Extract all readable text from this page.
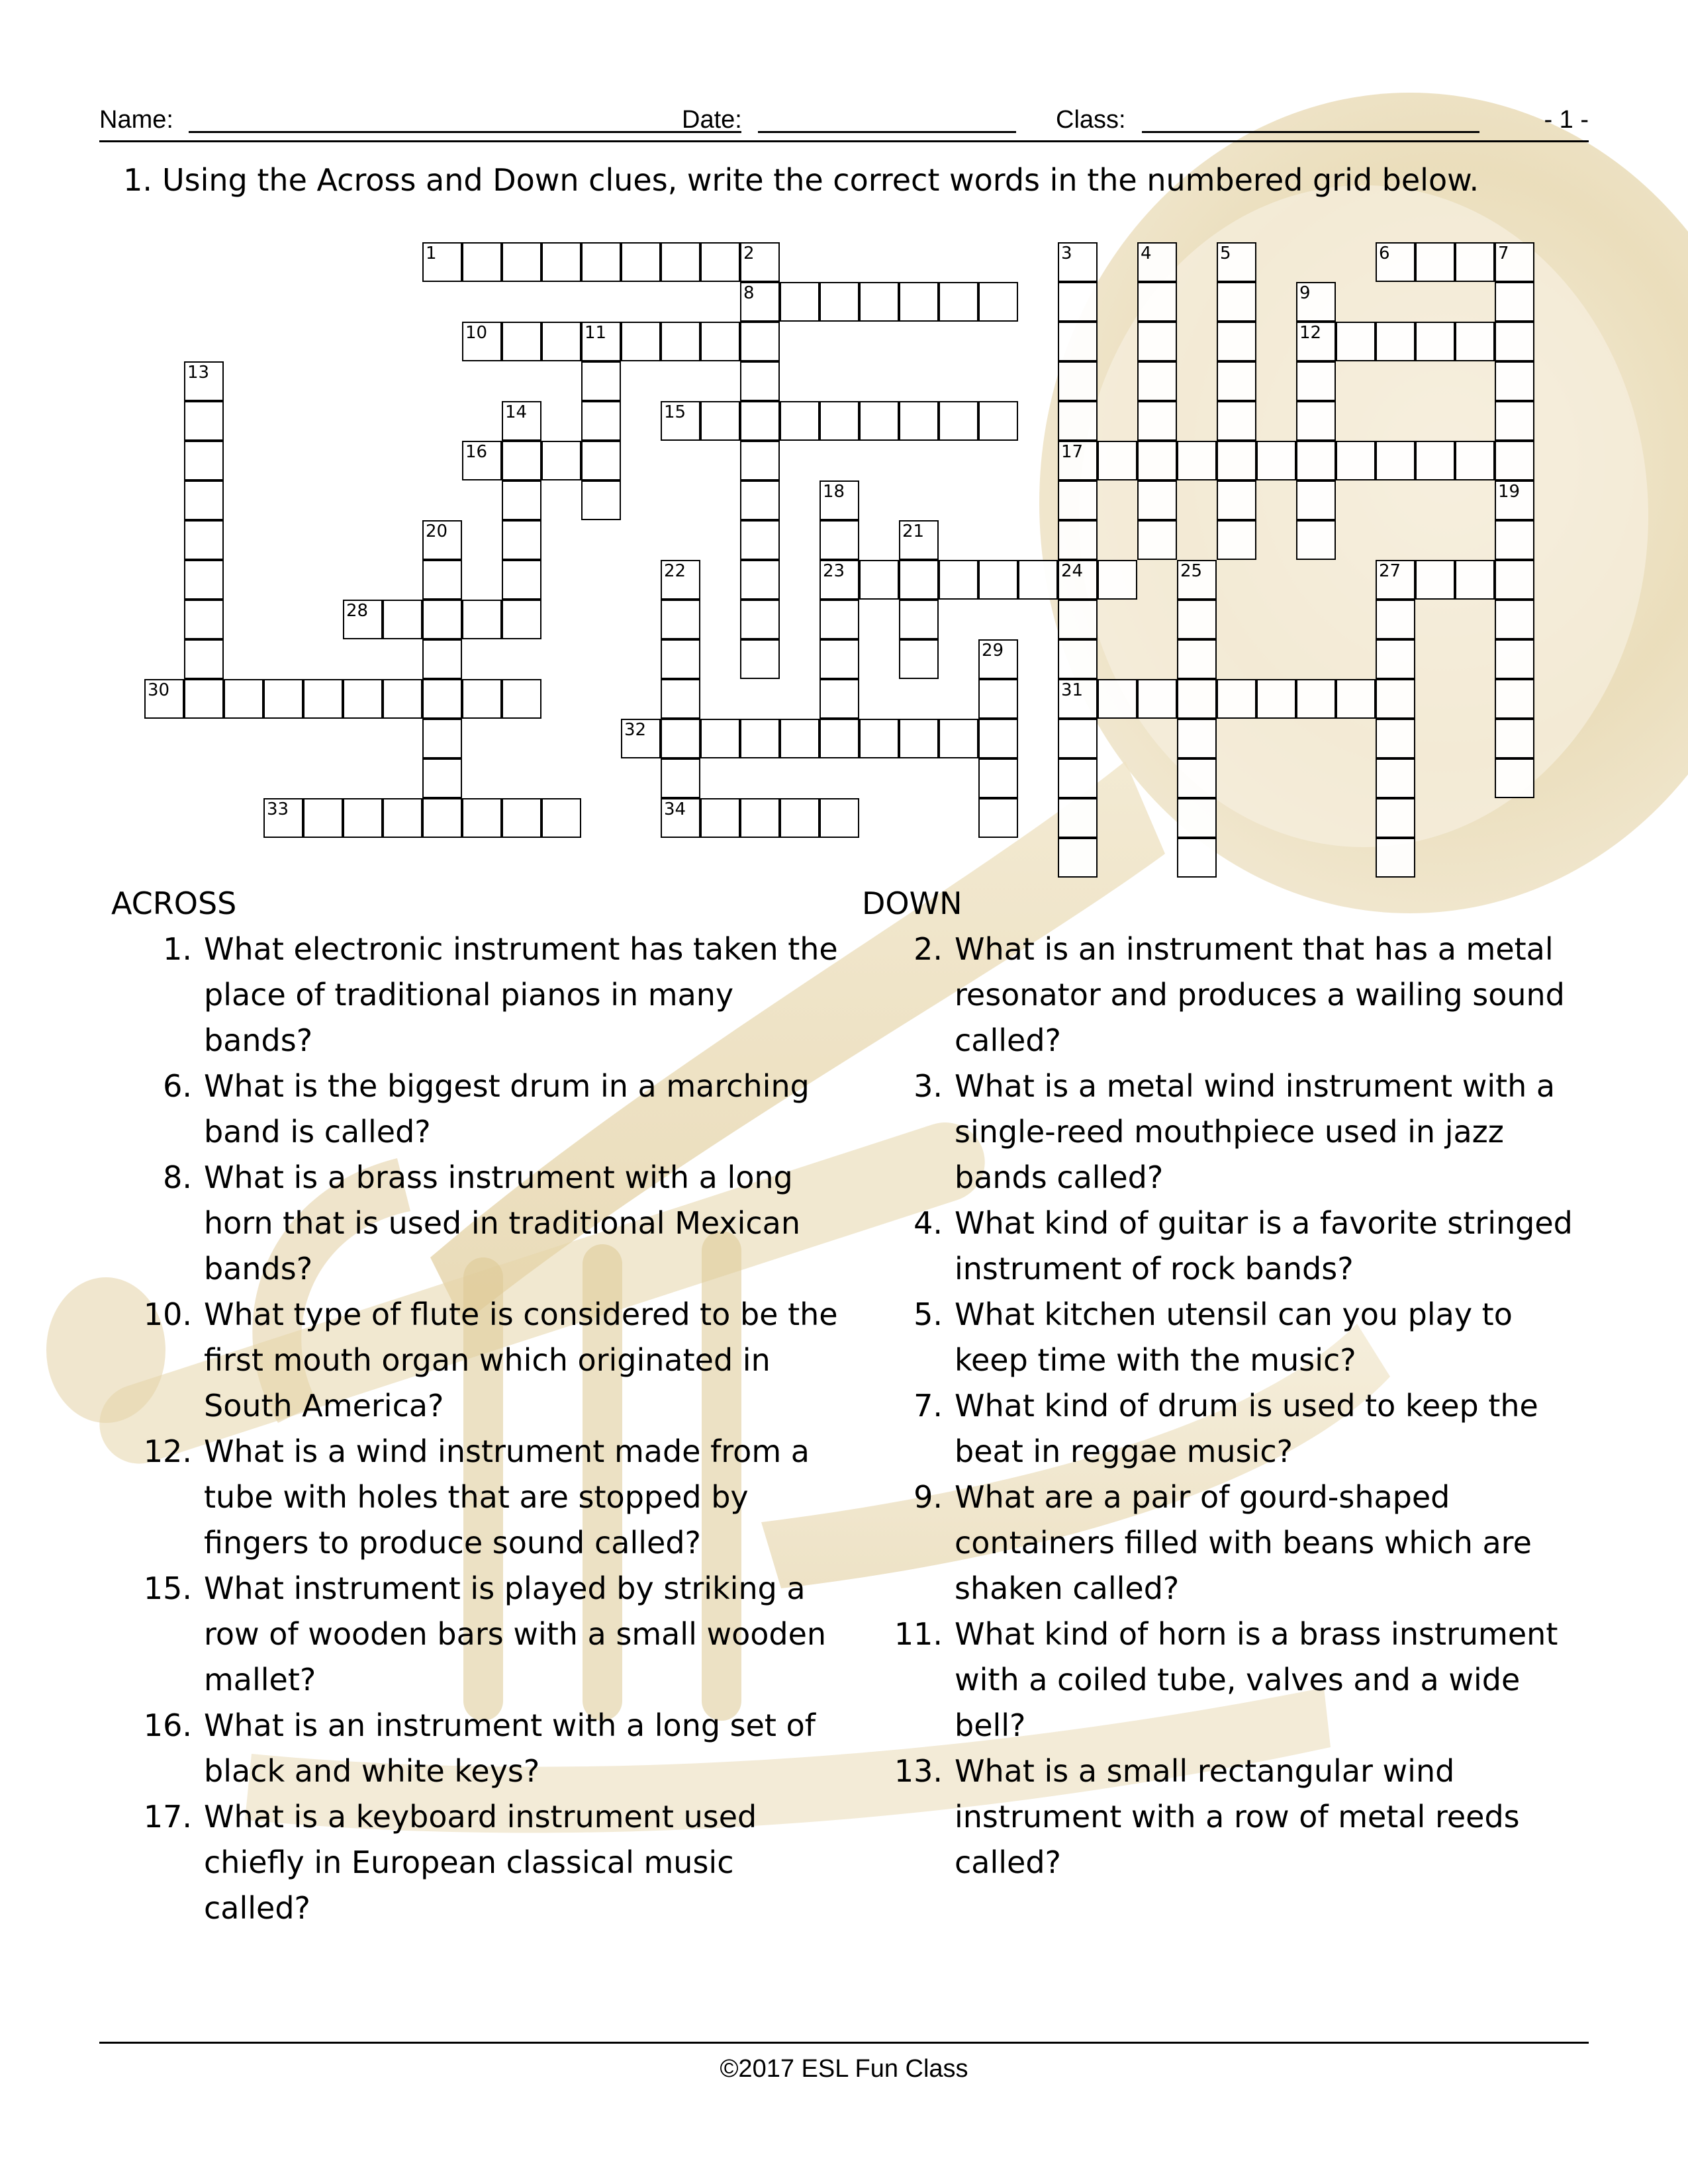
Name:	Date:	Class:	- 1 -
1. Using the Across and Down clues, write the correct words in the numbered grid below.
1	2	6
8
10	11	12
15
16	17
23	24	27
28
30	31
32
33	34
3	4	5	7
9
13
14
18	19
20	21
22	25
29
ACROSS
1. What electronic instrument has taken the place of traditional pianos in many bands?
6. What is the biggest drum in a marching band is called?
8. What is a brass instrument with a long horn that is used in traditional Mexican bands?
10. What type of flute is considered to be the first mouth organ which originated in South America?
12. What is a wind instrument made from a tube with holes that are stopped by fingers to produce sound called?
15. What instrument is played by striking a row of wooden bars with a small wooden mallet?
16. What is an instrument with a long set of black and white keys?
17. What is a keyboard instrument used chiefly in European classical music called?
DOWN
2. What is an instrument that has a metal resonator and produces a wailing sound called?
3. What is a metal wind instrument with a single-reed mouthpiece used in jazz bands called?
4. What kind of guitar is a favorite stringed instrument of rock bands?
5. What kitchen utensil can you play to keep time with the music?
7. What kind of drum is used to keep the beat in reggae music?
9. What are a pair of gourd-shaped containers filled with beans which are shaken called?
11. What kind of horn is a brass instrument with a coiled tube, valves and a wide bell?
13. What is a small rectangular wind instrument with a row of metal reeds called?
©2017 ESL Fun Class
